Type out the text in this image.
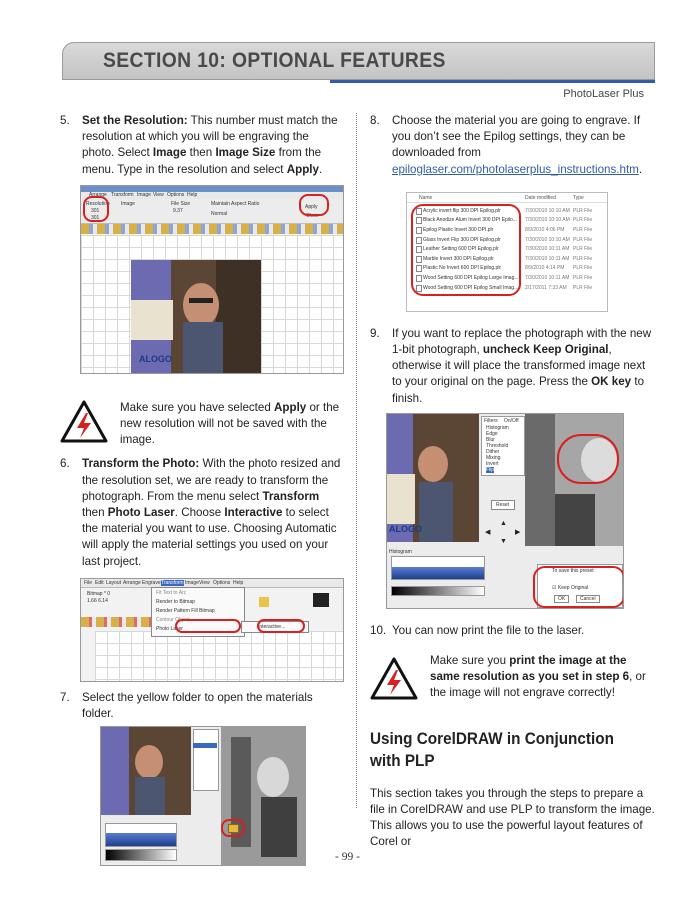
SECTION 10: OPTIONAL FEATURES
PhotoLaser Plus

5. Set the Resolution: This number must match the resolution at which you will be engraving the photo. Select Image then Image Size from the menu. Type in the resolution and select Apply.

Arrange Transform Image View Options Help
Resolution
301
301
Image	File Size
9.37
Maintain Aspect Ratio
Normal
Apply
Close
ALOGO
Make sure you have selected Apply or the new resolution will not be saved with the image.

6. Transform the Photo: With the photo resized and the resolution set, we are ready to transform the photograph. From the menu select Transform then Photo Laser. Choose Interactive to select the material you want to use. Choosing Automatic will apply the material settings you used on your last project.

File Edit Layout Arrange Engrave Transform Image View Options Help
Bitmap * 0
1.66 6.14
Fit Text to Arc
Render to Bitmap
Render Pattern Fill Bitmap
Contour Object
Photo Laser	Interactive...

7. Select the yellow folder to open the materials folder.

8. Choose the material you are going to engrave. If you don’t see the Epilog settings, they can be downloaded from epiloglaser.com/photolaserplus_instructions.htm.

Name	Date modified	Type
Acrylic invert flip 300 DPI Epilog.plr	7/30/2010 10:10 AM PLR File
Black Anodize Alum Invert 300 DPI Epilo... 7/30/2010 10:10 AM PLR File
Epilog Plastic Invert 300 DPI.plr	8/9/2010 4:06 PM PLR File
Glass Invert Flip 300 DPI Epilog.plr	7/30/2010 10:10 AM PLR File
Leather Setting 600 DPI Epilog.plr	7/30/2010 10:11 AM PLR File
Marble Invert 300 DPI Epilog.plr	7/30/2010 10:11 AM PLR File
Plastic No Invert 600 DPI Epilog.plr	8/9/2010 4:14 PM PLR File
Wood Setting 600 DPI Epilog Large Imag... 7/30/2010 10:11 AM PLR File
Wood Setting 600 DPI Epilog Small Imag... 2/17/2011 7:33 AM PLR File

9. If you want to replace the photograph with the new 1-bit photograph, uncheck Keep Original, otherwise it will place the transformed image next to your original on the page. Press the OK key to finish.

ALOGO
Filters On/Off
Histogram
Edge
Blur
Threshold
Dither
Mixing
Invert
Flip
Reset
▲
◀	▶
▼
Histogram
To save this preset
☑ Keep Original
OK	Cancel

10. You can now print the file to the laser.

Make sure you print the image at the same resolution as you set in step 6, or the image will not engrave correctly!
Using CorelDRAW in Conjunction with PLP

This section takes you through the steps to prepare a file in CorelDRAW and use PLP to transform the image. This allows you to use the powerful layout features of Corel or

- 99 -
